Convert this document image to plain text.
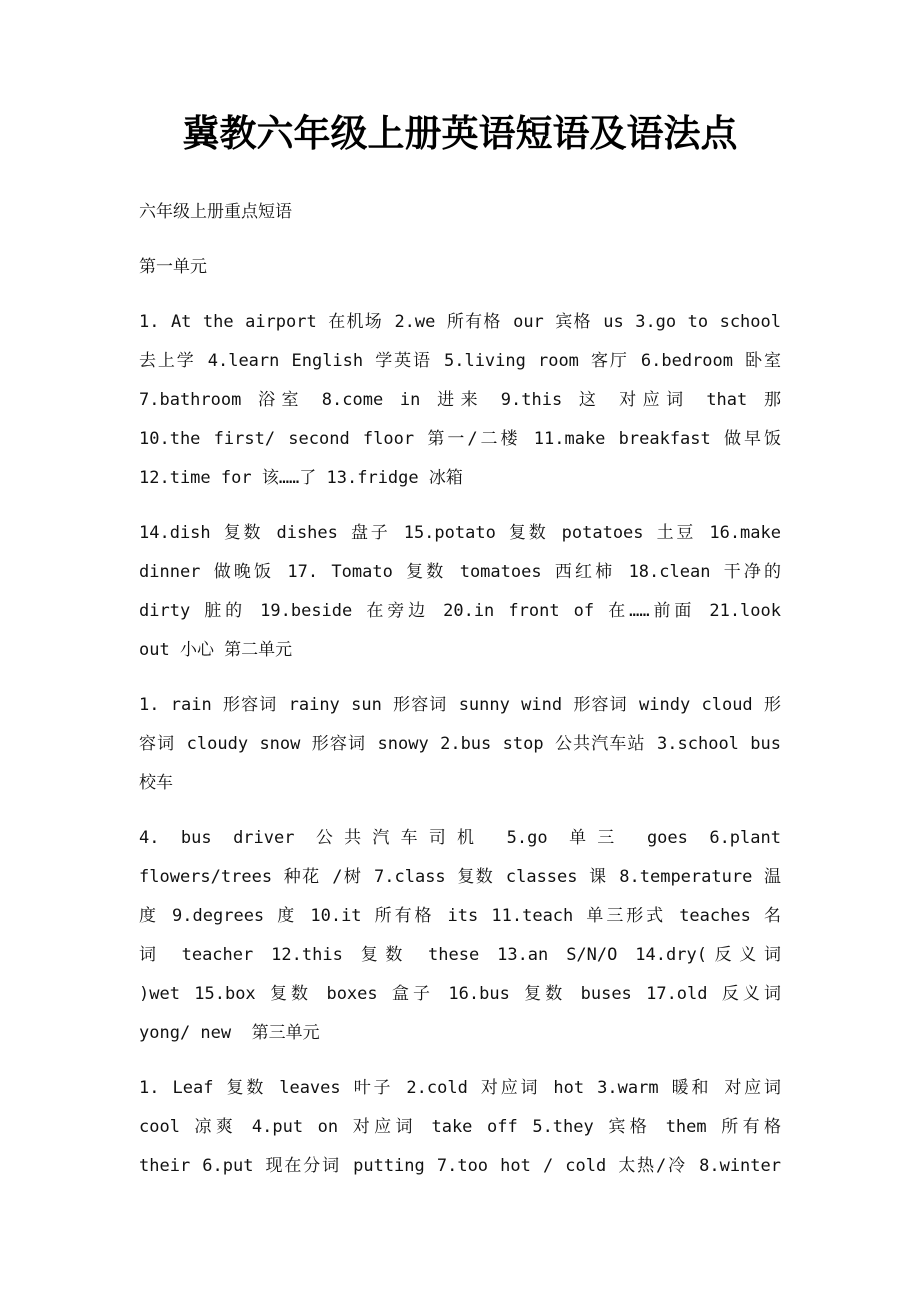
冀教六年级上册英语短语及语法点
六年级上册重点短语
第一单元
1. At the airport 在机场 2.we 所有格 our 宾格 us 3.go to school
去上学 4.learn English 学英语 5.living room 客厅 6.bedroom 卧室
7.bathroom 浴室 8.come in 进来 9.this 这 对应词 that 那
10.the first/ second floor 第一/二楼 11.make breakfast 做早饭
12.time for 该……了 13.fridge 冰箱
14.dish 复数 dishes 盘子 15.potato 复数 potatoes 土豆 16.make
dinner 做晚饭 17. Tomato 复数 tomatoes 西红柿 18.clean 干净的
dirty 脏的 19.beside 在旁边 20.in front of 在……前面 21.look
out 小心 第二单元
1. rain 形容词 rainy sun 形容词 sunny wind 形容词 windy cloud 形
容词 cloudy snow 形容词 snowy 2.bus stop 公共汽车站 3.school bus
校车
4. bus driver 公共汽车司机 5.go 单三 goes 6.plant
flowers/trees 种花 /树 7.class 复数 classes 课 8.temperature 温
度 9.degrees 度 10.it 所有格 its 11.teach 单三形式 teaches 名
词 teacher 12.this 复数 these 13.an S/N/O 14.dry(反义词
)wet 15.box 复数 boxes 盒子 16.bus 复数 buses 17.old 反义词
yong/ new  第三单元
1. Leaf 复数 leaves 叶子 2.cold 对应词 hot 3.warm 暖和 对应词
cool 凉爽 4.put on 对应词 take off 5.they 宾格 them 所有格
their 6.put 现在分词 putting 7.too hot / cold 太热/冷 8.winter
